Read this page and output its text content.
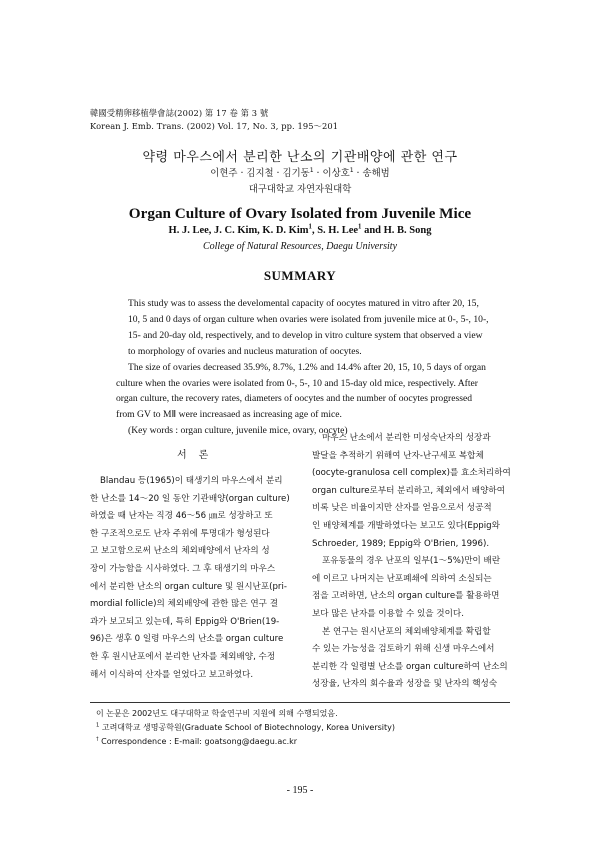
韓國受精卵移植學會誌(2002) 第 17 卷 第 3 號
Korean J. Emb. Trans. (2002) Vol. 17, No. 3, pp. 195～201
약령 마우스에서 분리한 난소의 기관배양에 관한 연구
이현주 · 김지철 · 김기동$^1$ · 이상호$^1$ · 송해범
대구대학교 자연자원대학
Organ Culture of Ovary Isolated from Juvenile Mice
H. J. Lee, J. C. Kim, K. D. Kim$^1$, S. H. Lee$^1$ and H. B. Song
College of Natural Resources, Daegu University
SUMMARY

This study was to assess the develomental capacity of oocytes matured in vitro after 20, 15,
10, 5 and 0 days of organ culture when ovaries were isolated from juvenile mice at 0-, 5-, 10-,
15- and 20-day old, respectively, and to develop in vitro culture system that observed a view
to morphology of ovaries and nucleus maturation of oocytes.

The size of ovaries decreased 35.9%, 8.7%, 1.2% and 14.4% after 20, 15, 10, 5 days of organ
culture when the ovaries were isolated from 0-, 5-, 10 and 15-day old mice, respectively. After
organ culture, the recovery rates, diameters of oocytes and the number of oocytes progressed
from GV to MⅡ were increasaed as increasing age of mice.

(Key words : organ culture, juvenile mice, ovary, oocyte)

서론
Blandau 등(1965)이 태생기의 마우스에서 분리
한 난소를 14～20 일 동안 기관배양(organ culture)
하였을 때 난자는 직경 46～56 ㎛로 성장하고 또
한 구조적으로도 난자 주위에 투명대가 형성된다
고 보고함으로써 난소의 체외배양에서 난자의 성
장이 가능함을 시사하였다. 그 후 태생기의 마우스
에서 분리한 난소의 organ culture 및 원시난포(pri-
mordial follicle)의 체외배양에 관한 많은 연구 결
과가 보고되고 있는데, 특히 Eppig와 O'Brien(19-
96)은 생후 0 일령 마우스의 난소를 organ culture
한 후 원시난포에서 분리한 난자를 체외배양, 수정
해서 이식하여 산자를 얻었다고 보고하였다.
마우스 난소에서 분리한 미성숙난자의 성장과
발달을 추적하기 위해여 난자-난구세포 복합체
(oocyte-granulosa cell complex)를 효소처리하여
organ culture로부터 분리하고, 체외에서 배양하여
비록 낮은 비율이지만 산자를 얻음으로서 성공적
인 배양체계를 개발하였다는 보고도 있다(Eppig와
Schroeder, 1989; Eppig와 O'Brien, 1996).
포유동물의 경우 난포의 일부(1～5%)만이 배란
에 이르고 나머지는 난포폐쇄에 의하여 소실되는
점을 고려하면, 난소의 organ culture를 활용하면
보다 많은 난자를 이용할 수 있을 것이다.
본 연구는 원시난포의 체외배양체계를 확립할
수 있는 가능성을 검토하기 위해 신생 마우스에서
분리한 각 일령별 난소를 organ culture하여 난소의
성장율, 난자의 회수율과 성장을 및 난자의 핵성숙
이 논문은 2002년도 대구대학교 학술연구비 지원에 의해 수행되었음.
$^1$ 고려대학교 생명공학원(Graduate School of Biotechnology, Korea University)
† Correspondence : E-mail: goatsong@daegu.ac.kr
- 195 -
